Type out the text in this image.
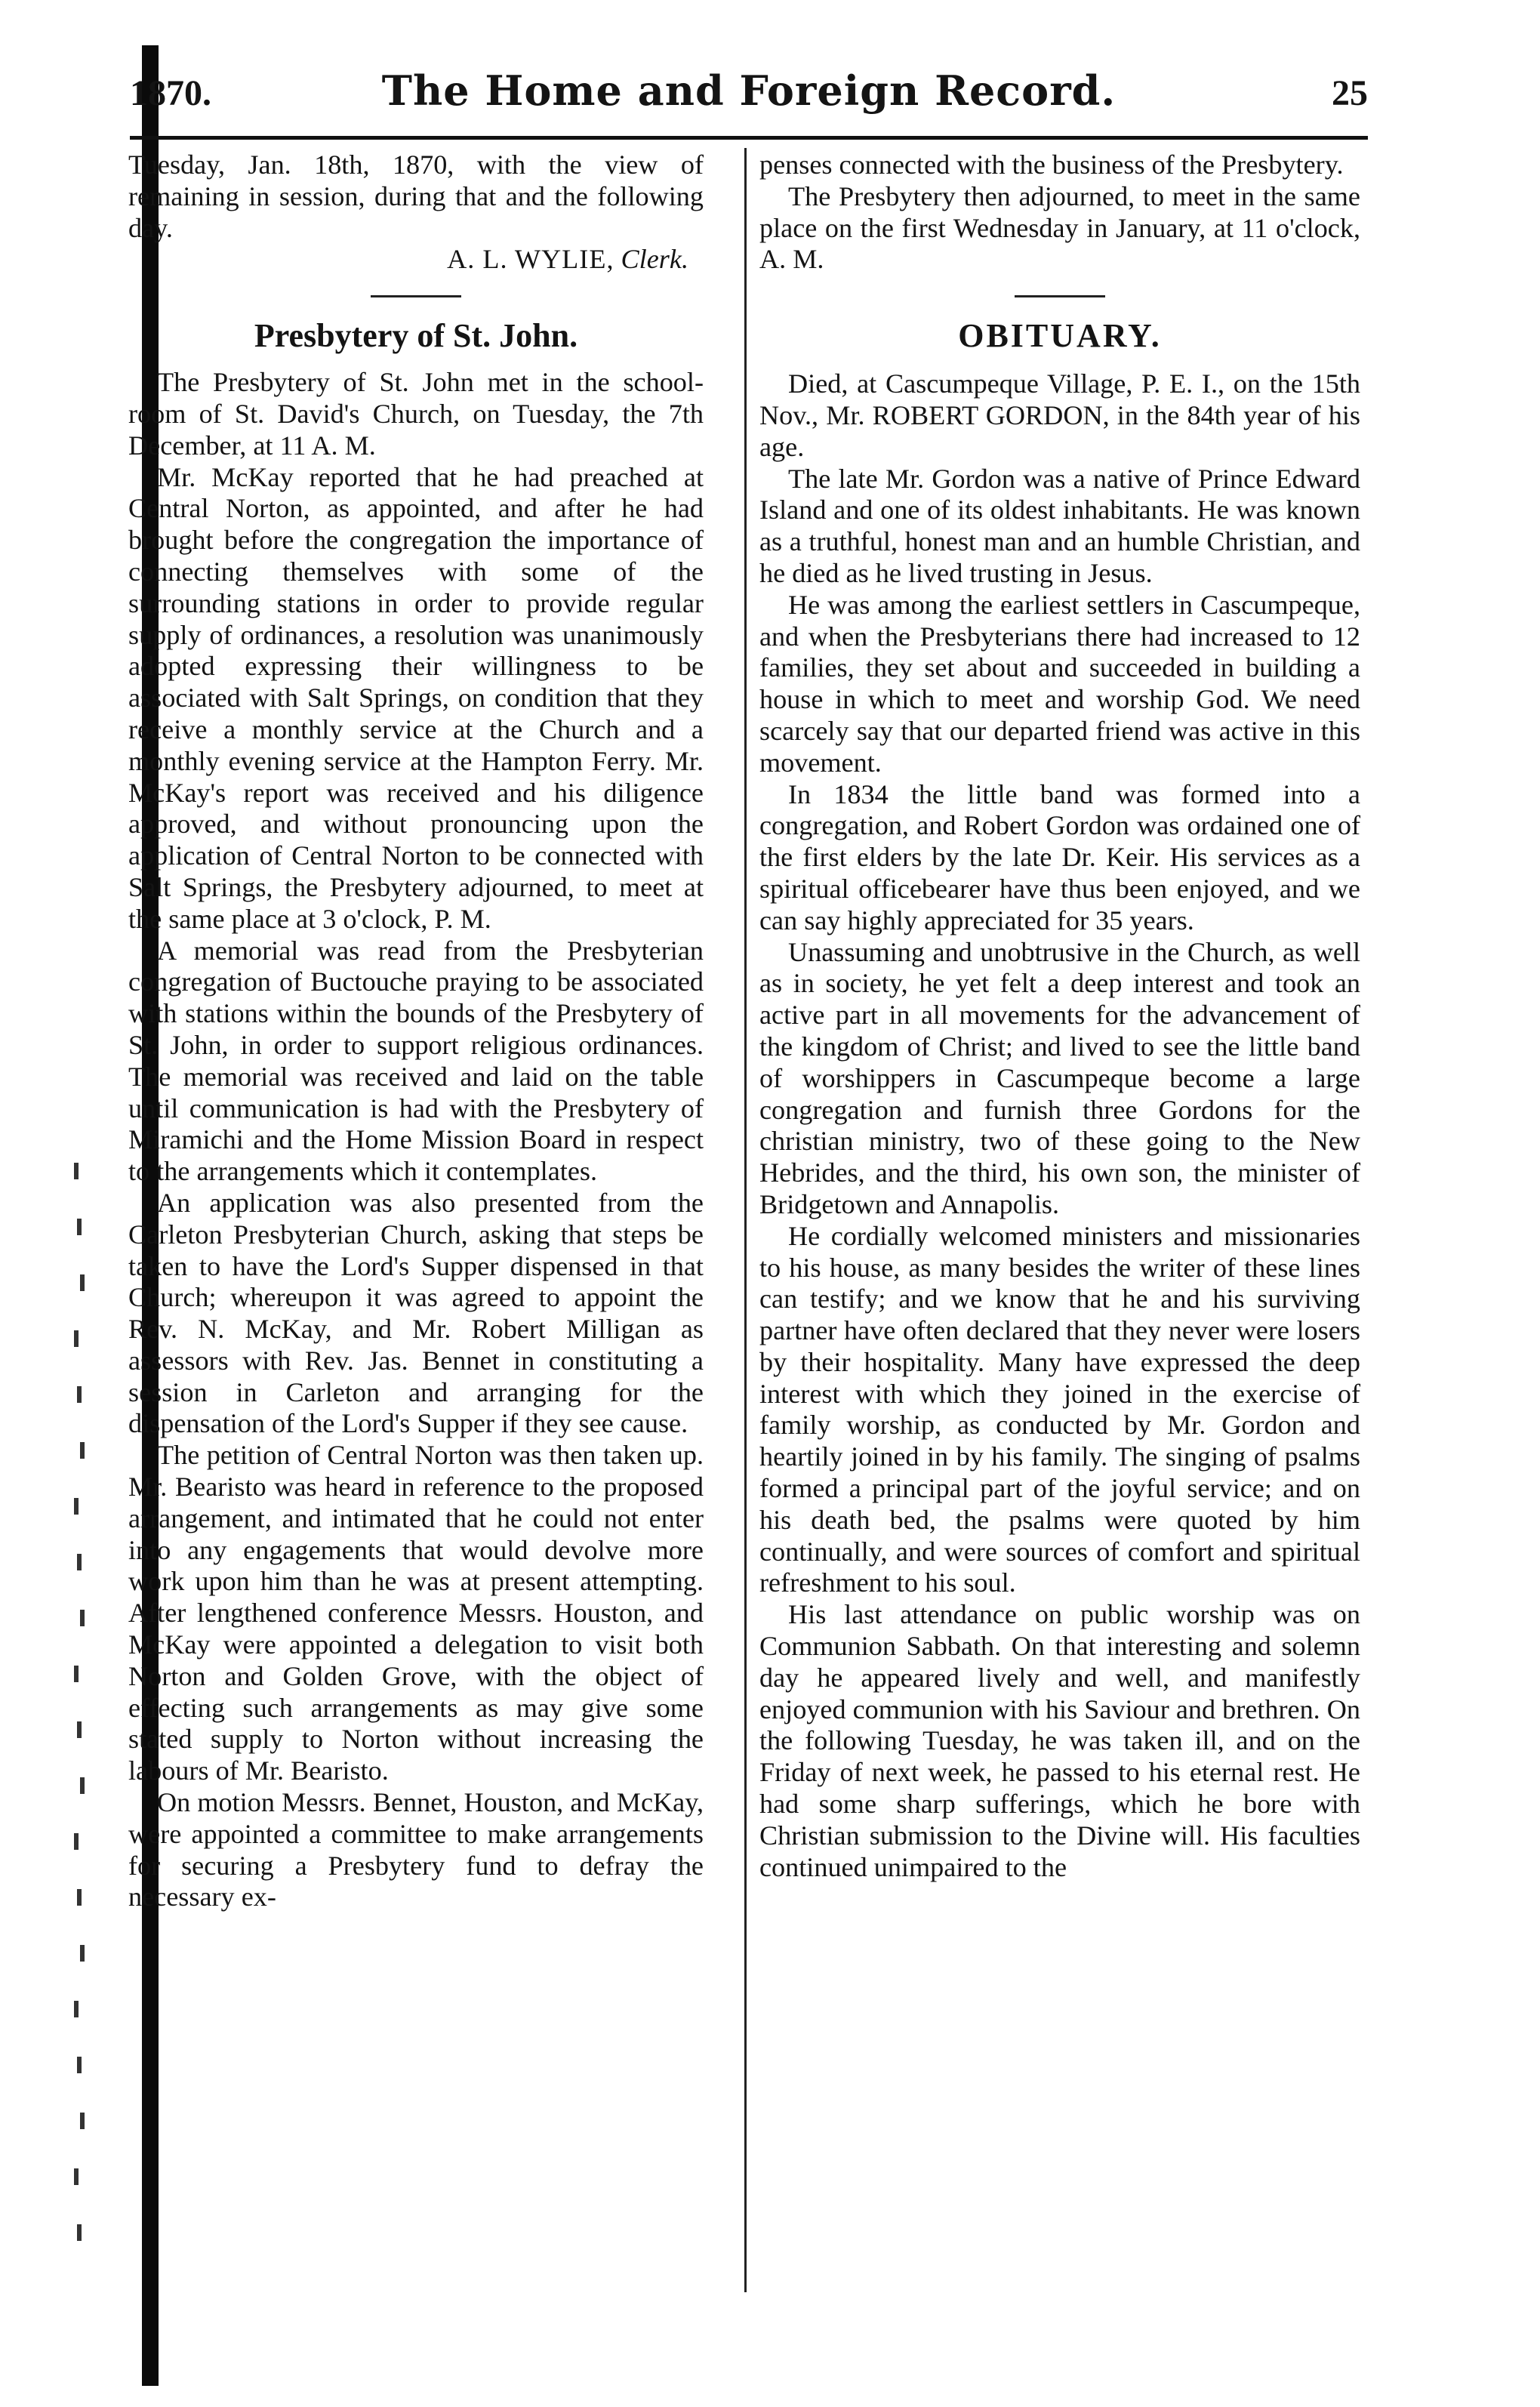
1870.	The Home and Foreign Record.	25

Tuesday, Jan. 18th, 1870, with the view of remaining in session, during that and the following day.

A. L. WYLIE, Clerk.

Presbytery of St. John.

The Presbytery of St. John met in the school-room of St. David's Church, on Tuesday, the 7th December, at 11 A. M.

Mr. McKay reported that he had preached at Central Norton, as appointed, and after he had brought before the congregation the importance of connecting themselves with some of the surrounding stations in order to provide regular supply of ordinances, a resolution was unanimously adopted expressing their willingness to be associated with Salt Springs, on condition that they receive a monthly service at the Church and a monthly evening service at the Hampton Ferry. Mr. McKay's report was received and his diligence approved, and without pronouncing upon the application of Central Norton to be connected with Salt Springs, the Presbytery adjourned, to meet at the same place at 3 o'clock, P. M.

A memorial was read from the Presbyterian congregation of Buctouche praying to be associated with stations within the bounds of the Presbytery of St. John, in order to support religious ordinances. The memorial was received and laid on the table until communication is had with the Presbytery of Miramichi and the Home Mission Board in respect to the arrangements which it contemplates.

An application was also presented from the Carleton Presbyterian Church, asking that steps be taken to have the Lord's Supper dispensed in that Church; whereupon it was agreed to appoint the Rev. N. McKay, and Mr. Robert Milligan as assessors with Rev. Jas. Bennet in constituting a session in Carleton and arranging for the dispensation of the Lord's Supper if they see cause.

The petition of Central Norton was then taken up. Mr. Bearisto was heard in reference to the proposed arrangement, and intimated that he could not enter into any engagements that would devolve more work upon him than he was at present attempting. After lengthened conference Messrs. Houston, and McKay were appointed a delegation to visit both Norton and Golden Grove, with the object of effecting such arrangements as may give some stated supply to Norton without increasing the labours of Mr. Bearisto.

On motion Messrs. Bennet, Houston, and McKay, were appointed a committee to make arrangements for securing a Presbytery fund to defray the necessary ex-

penses connected with the business of the Presbytery.

The Presbytery then adjourned, to meet in the same place on the first Wednesday in January, at 11 o'clock, A. M.

OBITUARY.

Died, at Cascumpeque Village, P. E. I., on the 15th Nov., Mr. ROBERT GORDON, in the 84th year of his age.

The late Mr. Gordon was a native of Prince Edward Island and one of its oldest inhabitants. He was known as a truthful, honest man and an humble Christian, and he died as he lived trusting in Jesus.

He was among the earliest settlers in Cascumpeque, and when the Presbyterians there had increased to 12 families, they set about and succeeded in building a house in which to meet and worship God. We need scarcely say that our departed friend was active in this movement.

In 1834 the little band was formed into a congregation, and Robert Gordon was ordained one of the first elders by the late Dr. Keir. His services as a spiritual officebearer have thus been enjoyed, and we can say highly appreciated for 35 years.

Unassuming and unobtrusive in the Church, as well as in society, he yet felt a deep interest and took an active part in all movements for the advancement of the kingdom of Christ; and lived to see the little band of worshippers in Cascumpeque become a large congregation and furnish three Gordons for the christian ministry, two of these going to the New Hebrides, and the third, his own son, the minister of Bridgetown and Annapolis.

He cordially welcomed ministers and missionaries to his house, as many besides the writer of these lines can testify; and we know that he and his surviving partner have often declared that they never were losers by their hospitality. Many have expressed the deep interest with which they joined in the exercise of family worship, as conducted by Mr. Gordon and heartily joined in by his family. The singing of psalms formed a principal part of the joyful service; and on his death bed, the psalms were quoted by him continually, and were sources of comfort and spiritual refreshment to his soul.

His last attendance on public worship was on Communion Sabbath. On that interesting and solemn day he appeared lively and well, and manifestly enjoyed communion with his Saviour and brethren. On the following Tuesday, he was taken ill, and on the Friday of next week, he passed to his eternal rest. He had some sharp sufferings, which he bore with Christian submission to the Divine will. His faculties continued unimpaired to the
